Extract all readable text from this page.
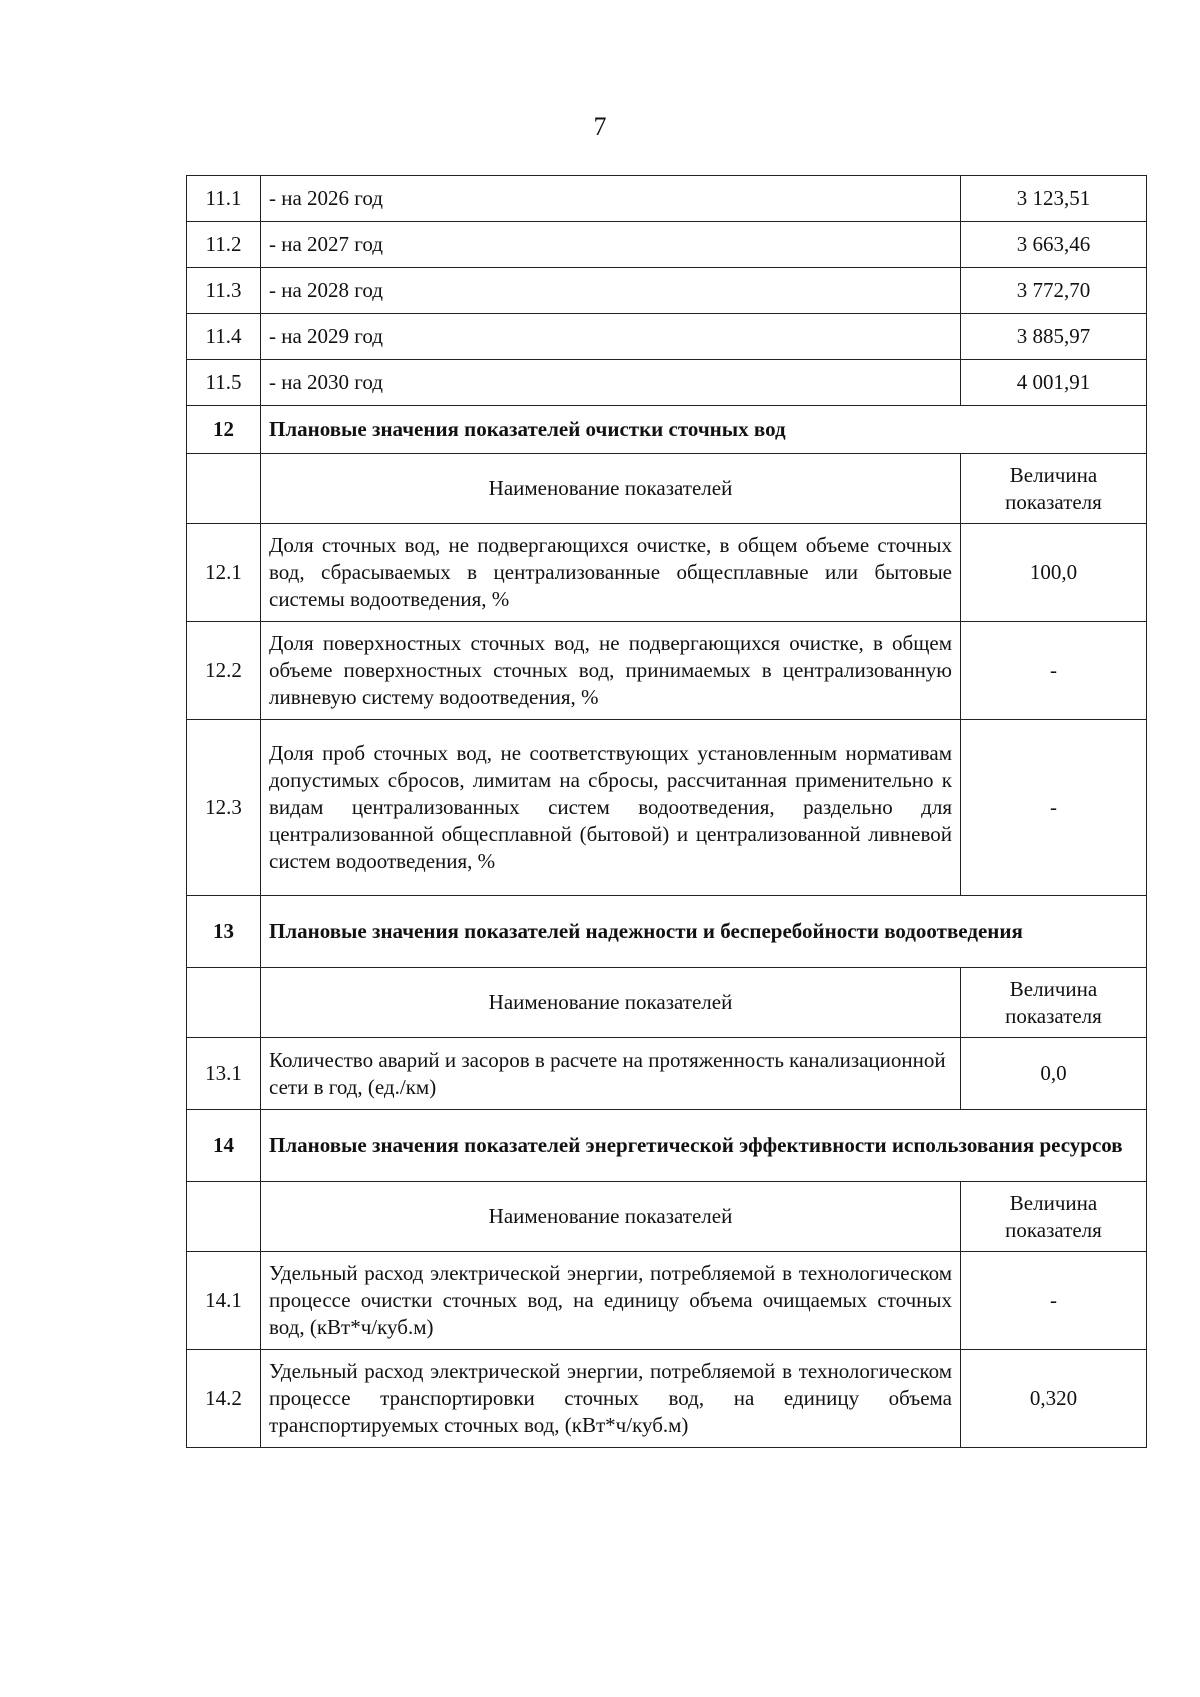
7
11.1	- на 2026 год	3 123,51
11.2	- на 2027 год	3 663,46
11.3	- на 2028 год	3 772,70
11.4	- на 2029 год	3 885,97
11.5	- на 2030 год	4 001,91
12	Плановые значения показателей очистки сточных вод	
	Наименование показателей	Величина показателя
12.1	Доля сточных вод, не подвергающихся очистке, в общем объеме сточных вод, сбрасываемых в централизованные общесплавные или бытовые системы водоотведения, %	100,0
12.2	Доля поверхностных сточных вод, не подвергающихся очистке, в общем объеме поверхностных сточных вод, принимаемых в централизованную ливневую систему водоотведения, %	-
12.3	Доля проб сточных вод, не соответствующих установленным нормативам допустимых сбросов, лимитам на сбросы, рассчитанная применительно к видам централизованных систем водоотведения, раздельно для централизованной общесплавной (бытовой) и централизованной ливневой систем водоотведения, %	-
13	Плановые значения показателей надежности и бесперебойности водоотведения	
	Наименование показателей	Величина показателя
13.1	Количество аварий и засоров в расчете на протяженность канализационной сети в год, (ед./км)	0,0
14	Плановые значения показателей энергетической эффективности использования ресурсов	
	Наименование показателей	Величина показателя
14.1	Удельный расход электрической энергии, потребляемой в технологическом процессе очистки сточных вод, на единицу объема очищаемых сточных вод, (кВт*ч/куб.м)	-
14.2	Удельный расход электрической энергии, потребляемой в технологическом процессе транспортировки сточных вод, на единицу объема транспортируемых сточных вод, (кВт*ч/куб.м)	0,320
